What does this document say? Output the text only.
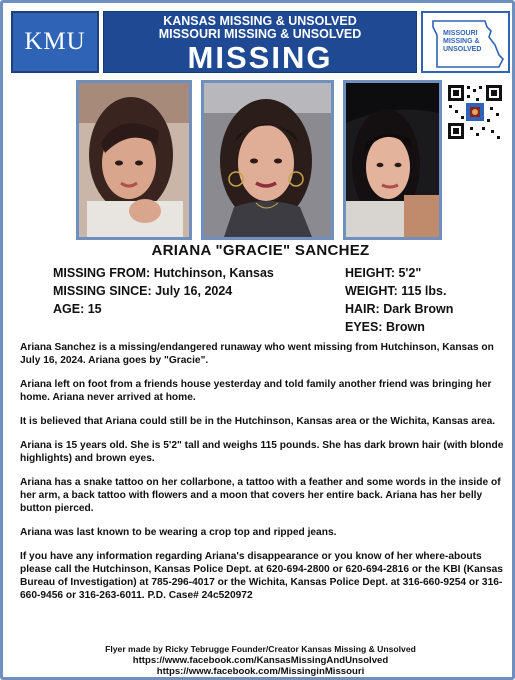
KMU
KANSAS MISSING & UNSOLVED
MISSOURI MISSING & UNSOLVED
MISSING
MISSOURI MISSING & UNSOLVED
ARIANA "GRACIE" SANCHEZ
MISSING FROM: Hutchinson, Kansas
MISSING SINCE: July 16, 2024
AGE: 15
HEIGHT: 5'2"
WEIGHT: 115 lbs.
HAIR: Dark Brown
EYES: Brown

Ariana Sanchez is a missing/endangered runaway who went missing from Hutchinson, Kansas on July 16, 2024. Ariana goes by "Gracie".

Ariana left on foot from a friends house yesterday and told family another friend was bringing her home. Ariana never arrived at home.

It is believed that Ariana could still be in the Hutchinson, Kansas area or the Wichita, Kansas area.

Ariana is 15 years old. She is 5'2" tall and weighs 115 pounds. She has dark brown hair (with blonde highlights) and brown eyes.

Ariana has a snake tattoo on her collarbone, a tattoo with a feather and some words in the inside of her arm, a back tattoo with flowers and a moon that covers her entire back. Ariana has her belly button pierced.

Ariana was last known to be wearing a crop top and ripped jeans.

If you have any information regarding Ariana's disappearance or you know of her where-abouts please call the Hutchinson, Kansas Police Dept. at 620-694-2800 or 620-694-2816 or the KBI (Kansas Bureau of Investigation) at 785-296-4017 or the Wichita, Kansas Police Dept. at 316-660-9254 or 316-660-9456 or 316-263-6011. P.D. Case# 24c520972

Flyer made by Ricky Tebrugge Founder/Creator Kansas Missing & Unsolved
https://www.facebook.com/KansasMissingAndUnsolved
https://www.facebook.com/MissinginMissouri
